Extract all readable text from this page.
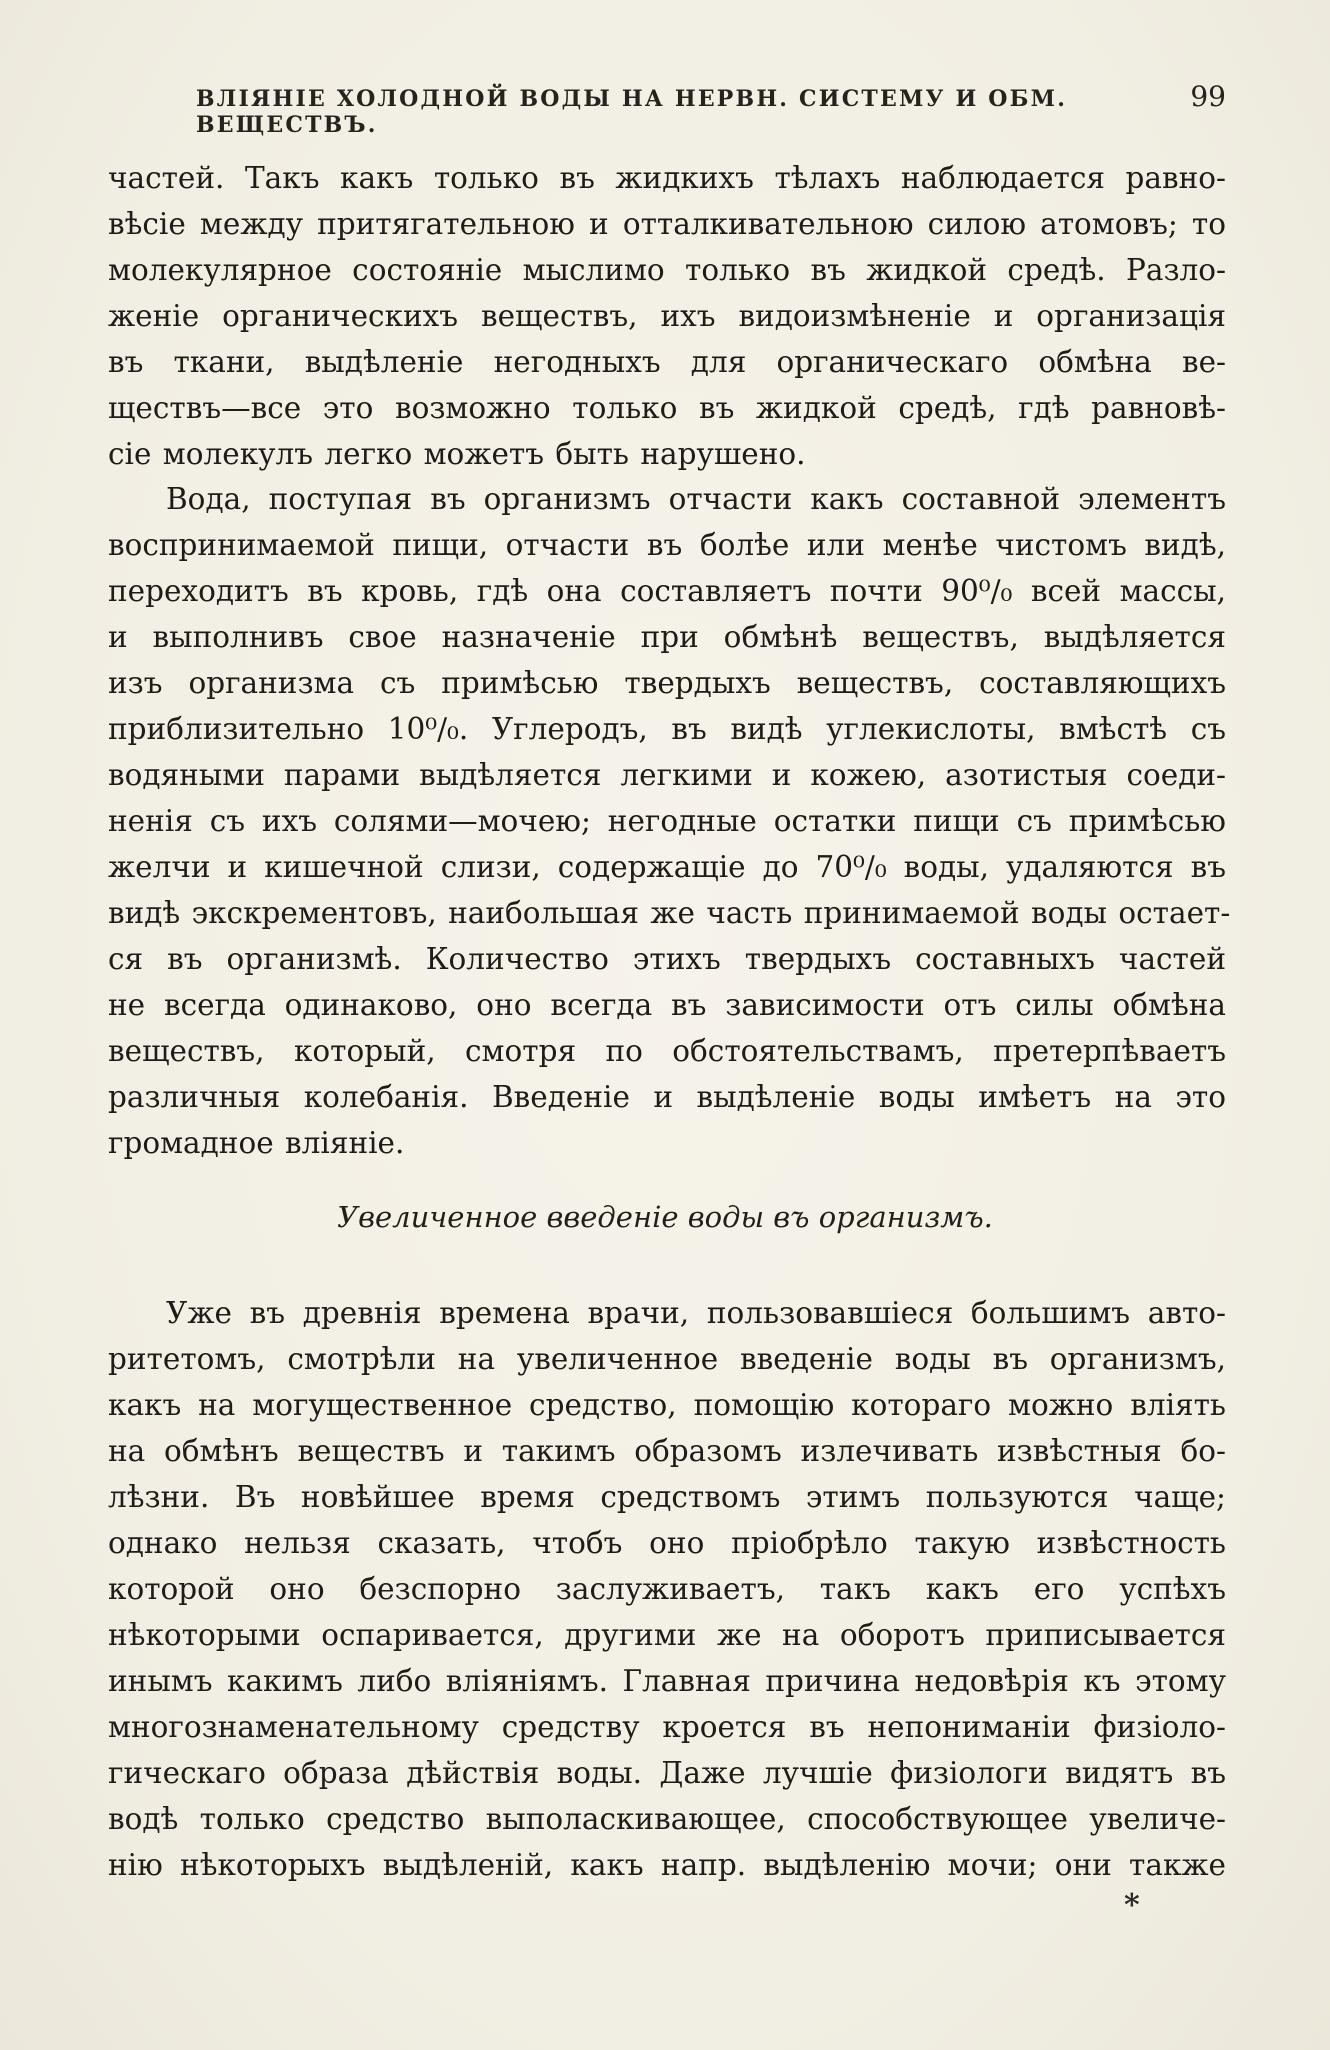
ВЛІЯНІЕ ХОЛОДНОЙ ВОДЫ НА НЕРВН. СИСТЕМУ И ОБМ. ВЕЩЕСТВЪ.
99
частей. Такъ какъ только въ жидкихъ тѣлахъ наблюдается равно-
вѣсіе между притягательною и отталкивательною силою атомовъ; то
молекулярное состояніе мыслимо только въ жидкой средѣ. Разло-
женіе органическихъ веществъ, ихъ видоизмѣненіе и организація
въ ткани, выдѣленіе негодныхъ для органическаго обмѣна ве-
ществъ—все это возможно только въ жидкой средѣ, гдѣ равновѣ-
сіе молекулъ легко можетъ быть нарушено.
Вода, поступая въ организмъ отчасти какъ составной элементъ
воспринимаемой пищи, отчасти въ болѣе или менѣе чистомъ видѣ,
переходитъ въ кровь, гдѣ она составляетъ почти 90⁰/₀ всей массы,
и выполнивъ свое назначеніе при обмѣнѣ веществъ, выдѣляется
изъ организма съ примѣсью твердыхъ веществъ, составляющихъ
приблизительно 10⁰/₀. Углеродъ, въ видѣ углекислоты, вмѣстѣ съ
водяными парами выдѣляется легкими и кожею, азотистыя соеди-
ненія съ ихъ солями—мочею; негодные остатки пищи съ примѣсью
желчи и кишечной слизи, содержащіе до 70⁰/₀ воды, удаляются въ
видѣ экскрементовъ, наибольшая же часть принимаемой воды остает-
ся въ организмѣ. Количество этихъ твердыхъ составныхъ частей
не всегда одинаково, оно всегда въ зависимости отъ силы обмѣна
веществъ, который, смотря по обстоятельствамъ, претерпѣваетъ
различныя колебанія. Введеніе и выдѣленіе воды имѣетъ на это
громадное вліяніе.
Увеличенное введеніе воды въ организмъ.
Уже въ древнія времена врачи, пользовавшіеся большимъ авто-
ритетомъ, смотрѣли на увеличенное введеніе воды въ организмъ,
какъ на могущественное средство, помощію котораго можно вліять
на обмѣнъ веществъ и такимъ образомъ излечивать извѣстныя бо-
лѣзни. Въ новѣйшее время средствомъ этимъ пользуются чаще;
однако нельзя сказать, чтобъ оно пріобрѣло такую извѣстность
которой оно безспорно заслуживаетъ, такъ какъ его успѣхъ
нѣкоторыми оспаривается, другими же на оборотъ приписывается
инымъ какимъ либо вліяніямъ. Главная причина недовѣрія къ этому
многознаменательному средству кроется въ непониманіи физіоло-
гическаго образа дѣйствія воды. Даже лучшіе физіологи видятъ въ
водѣ только средство выполаскивающее, способствующее увеличе-
нію нѣкоторыхъ выдѣленій, какъ напр. выдѣленію мочи; они также
*
